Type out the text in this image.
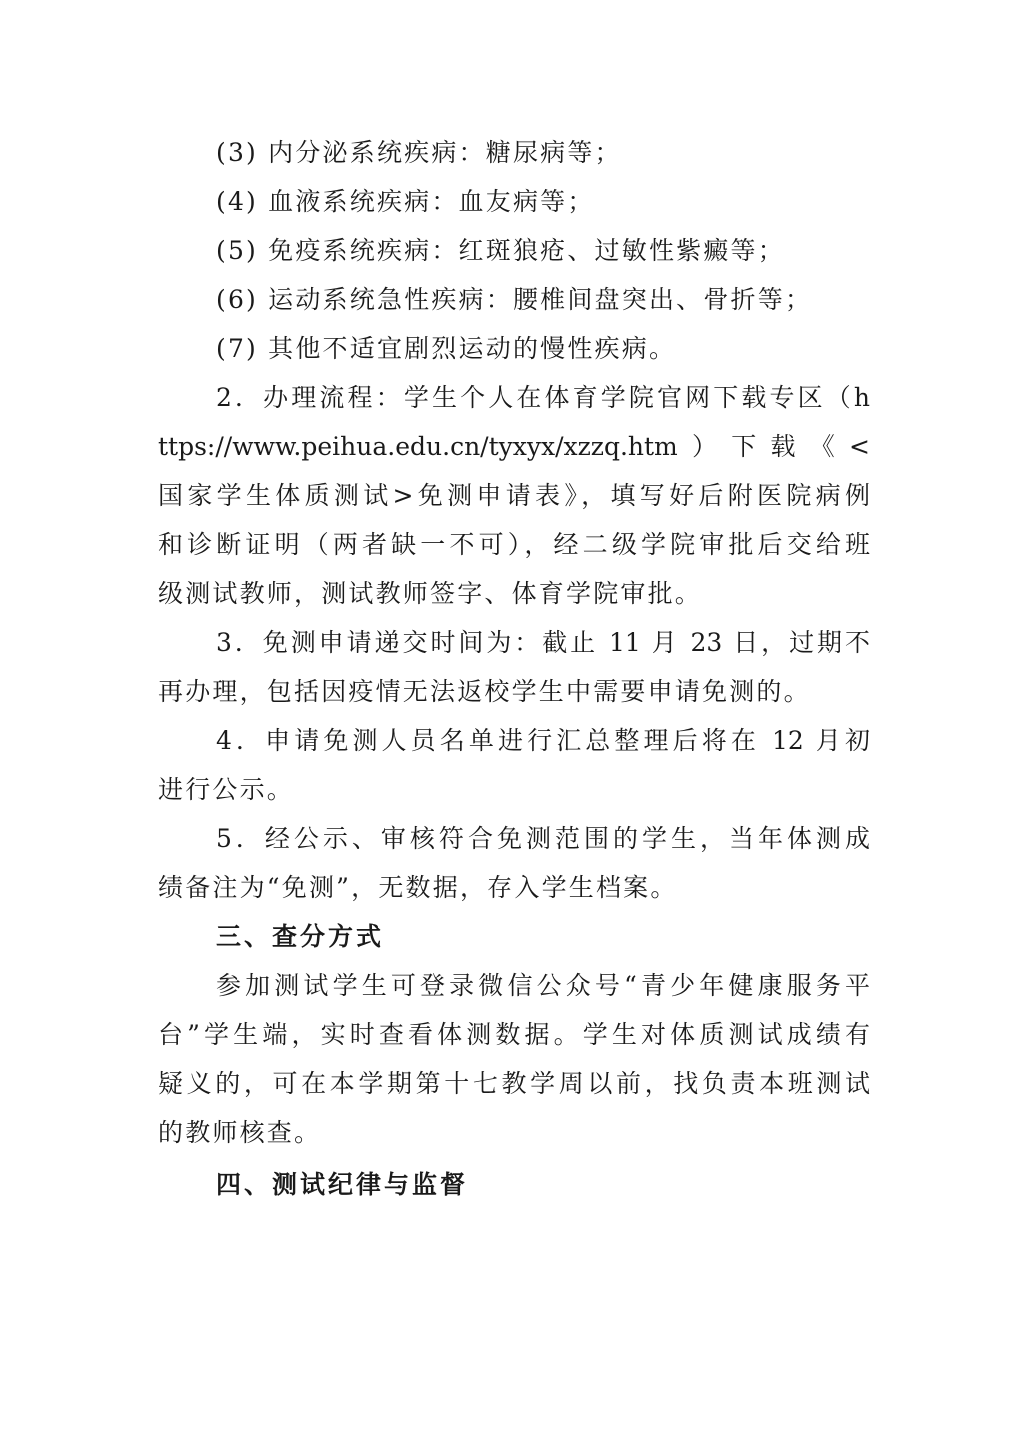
(3) 内分泌系统疾病：糖尿病等；
(4) 血液系统疾病：血友病等；
(5) 免疫系统疾病：红斑狼疮、过敏性紫癜等；
(6) 运动系统急性疾病：腰椎间盘突出、骨折等；
(7) 其他不适宜剧烈运动的慢性疾病。
2．办理流程：学生个人在体育学院官网下载专区（h
ttps://www.peihua.edu.cn/tyxyx/xzzq.htm）下载《<
国家学生体质测试>免测申请表》，填写好后附医院病例
和诊断证明（两者缺一不可），经二级学院审批后交给班
级测试教师，测试教师签字、体育学院审批。
3．免测申请递交时间为：截止 11 月 23 日，过期不
再办理，包括因疫情无法返校学生中需要申请免测的。
4．申请免测人员名单进行汇总整理后将在 12 月初
进行公示。
5．经公示、审核符合免测范围的学生，当年体测成
绩备注为“免测”，无数据，存入学生档案。
三、查分方式
参加测试学生可登录微信公众号“青少年健康服务平
台”学生端，实时查看体测数据。学生对体质测试成绩有
疑义的，可在本学期第十七教学周以前，找负责本班测试
的教师核查。
四、测试纪律与监督
